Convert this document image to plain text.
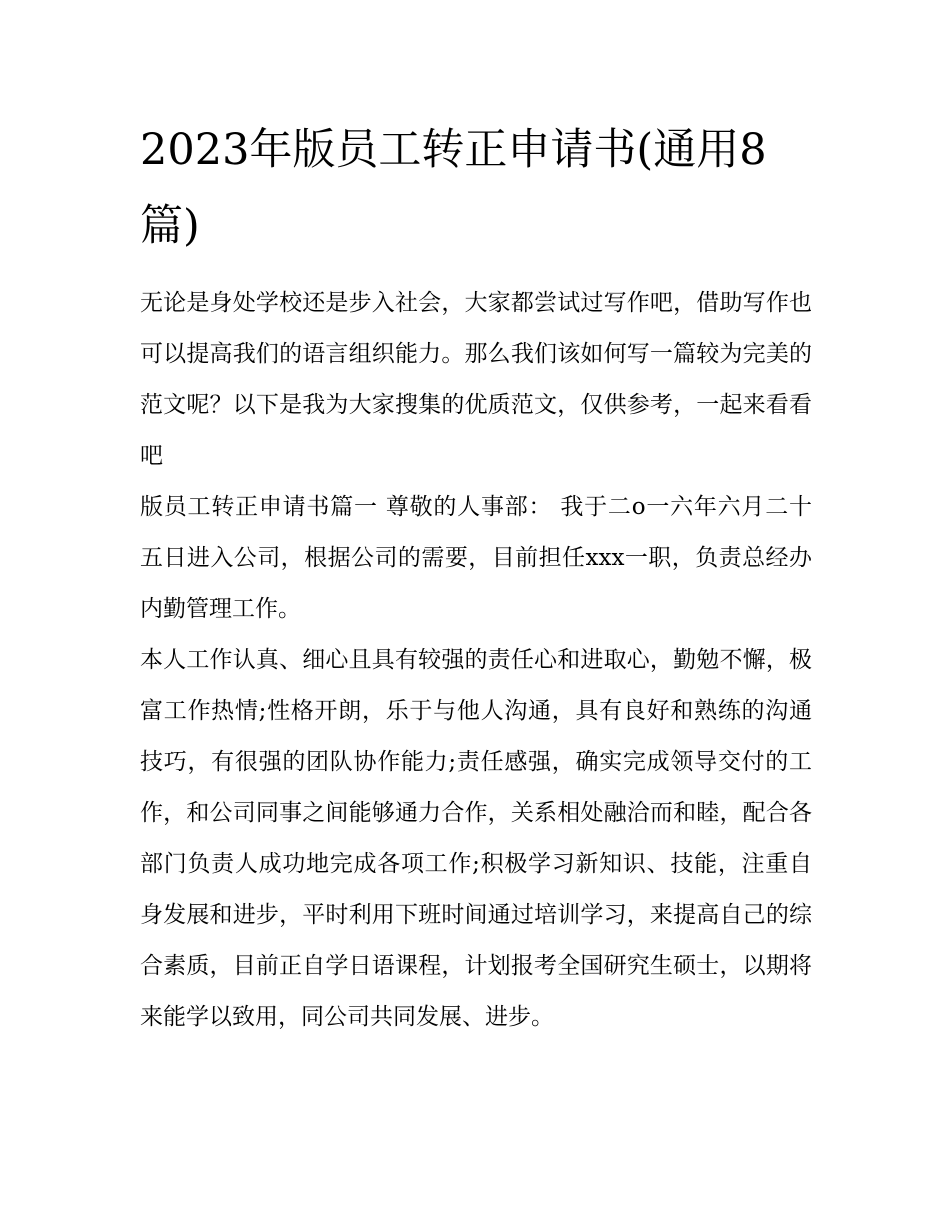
2023年版员工转正申请书(通用8篇)

无论是身处学校还是步入社会，大家都尝试过写作吧，借助写作也可以提高我们的语言组织能力。那么我们该如何写一篇较为完美的范文呢？以下是我为大家搜集的优质范文，仅供参考，一起来看看吧

版员工转正申请书篇一 尊敬的人事部： 我于二o一六年六月二十五日进入公司，根据公司的需要，目前担任xxx一职，负责总经办内勤管理工作。

本人工作认真、细心且具有较强的责任心和进取心，勤勉不懈，极富工作热情;性格开朗，乐于与他人沟通，具有良好和熟练的沟通技巧，有很强的团队协作能力;责任感强，确实完成领导交付的工作，和公司同事之间能够通力合作，关系相处融洽而和睦，配合各部门负责人成功地完成各项工作;积极学习新知识、技能，注重自身发展和进步，平时利用下班时间通过培训学习，来提高自己的综合素质，目前正自学日语课程，计划报考全国研究生硕士，以期将来能学以致用，同公司共同发展、进步。
